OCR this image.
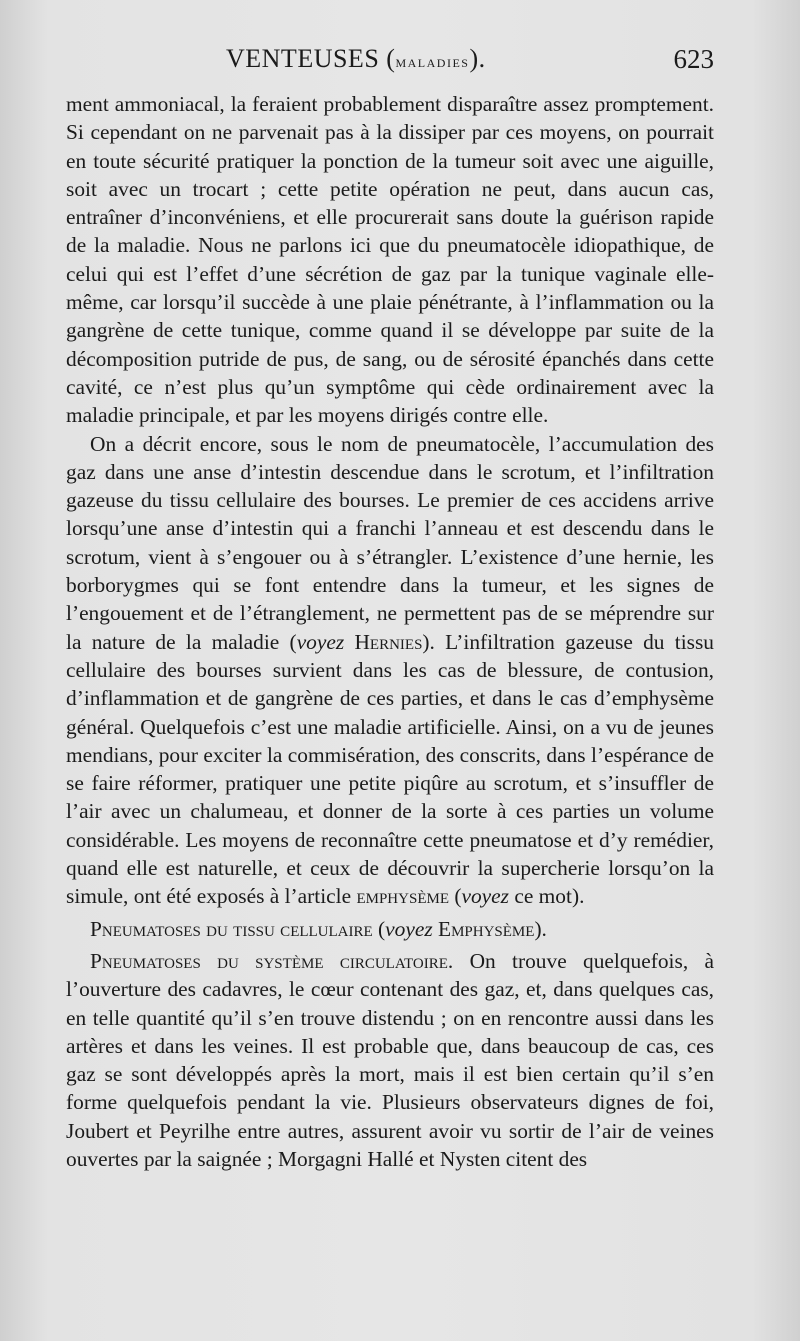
VENTEUSES (maladies).	623

ment ammoniacal, la feraient probablement disparaître assez promptement. Si cependant on ne parvenait pas à la dissiper par ces moyens, on pourrait en toute sécurité pratiquer la ponction de la tumeur soit avec une aiguille, soit avec un trocart ; cette petite opération ne peut, dans aucun cas, entraîner d’inconvéniens, et elle procurerait sans doute la guérison rapide de la maladie. Nous ne parlons ici que du pneumatocèle idiopathique, de celui qui est l’effet d’une sécrétion de gaz par la tunique vaginale elle-même, car lorsqu’il succède à une plaie pénétrante, à l’inflammation ou la gangrène de cette tunique, comme quand il se développe par suite de la décomposition putride de pus, de sang, ou de sérosité épanchés dans cette cavité, ce n’est plus qu’un symptôme qui cède ordinairement avec la maladie principale, et par les moyens dirigés contre elle.

On a décrit encore, sous le nom de pneumatocèle, l’accumulation des gaz dans une anse d’intestin descendue dans le scrotum, et l’infiltration gazeuse du tissu cellulaire des bourses. Le premier de ces accidens arrive lorsqu’une anse d’intestin qui a franchi l’anneau et est descendu dans le scrotum, vient à s’engouer ou à s’étrangler. L’existence d’une hernie, les borborygmes qui se font entendre dans la tumeur, et les signes de l’engouement et de l’étranglement, ne permettent pas de se méprendre sur la nature de la maladie (voyez Hernies). L’infiltration gazeuse du tissu cellulaire des bourses survient dans les cas de blessure, de contusion, d’inflammation et de gangrène de ces parties, et dans le cas d’emphysème général. Quelquefois c’est une maladie artificielle. Ainsi, on a vu de jeunes mendians, pour exciter la commisération, des conscrits, dans l’espérance de se faire réformer, pratiquer une petite piqûre au scrotum, et s’insuffler de l’air avec un chalumeau, et donner de la sorte à ces parties un volume considérable. Les moyens de reconnaître cette pneumatose et d’y remédier, quand elle est naturelle, et ceux de découvrir la supercherie lorsqu’on la simule, ont été exposés à l’article emphysème (voyez ce mot).

Pneumatoses du tissu cellulaire (voyez Emphysème).

Pneumatoses du système circulatoire. On trouve quelquefois, à l’ouverture des cadavres, le cœur contenant des gaz, et, dans quelques cas, en telle quantité qu’il s’en trouve distendu ; on en rencontre aussi dans les artères et dans les veines. Il est probable que, dans beaucoup de cas, ces gaz se sont développés après la mort, mais il est bien certain qu’il s’en forme quelquefois pendant la vie. Plusieurs observateurs dignes de foi, Joubert et Peyrilhe entre autres, assurent avoir vu sortir de l’air de veines ouvertes par la saignée ; Morgagni Hallé et Nysten citent des
